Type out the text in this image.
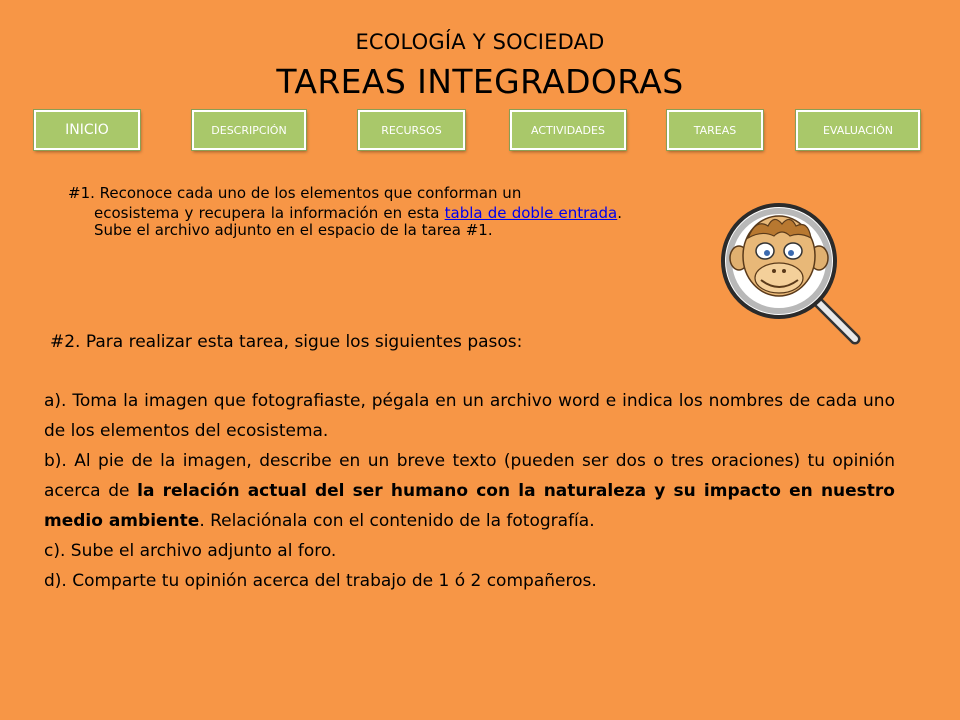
ECOLOGÍA Y SOCIEDAD
TAREAS INTEGRADORAS
INICIO	DESCRIPCIÓN	RECURSOS	ACTIVIDADES	TAREAS	EVALUACIÓN
#1. Reconoce cada uno de los elementos que conforman un
ecosistema y recupera la información en esta tabla de doble entrada. Sube el archivo adjunto en el espacio de la tarea #1.
#2. Para realizar esta tarea, sigue los siguientes pasos:

a). Toma la imagen que fotografiaste, pégala en un archivo word e indica los nombres de cada uno de los elementos del ecosistema.

b). Al pie de la imagen, describe en un breve texto (pueden ser dos o tres oraciones) tu opinión acerca de la relación actual del ser humano con la naturaleza y su impacto en nuestro medio ambiente. Relaciónala con el contenido de la fotografía.

c). Sube el archivo adjunto al foro.

d). Comparte tu opinión acerca del trabajo de 1 ó 2 compañeros.
